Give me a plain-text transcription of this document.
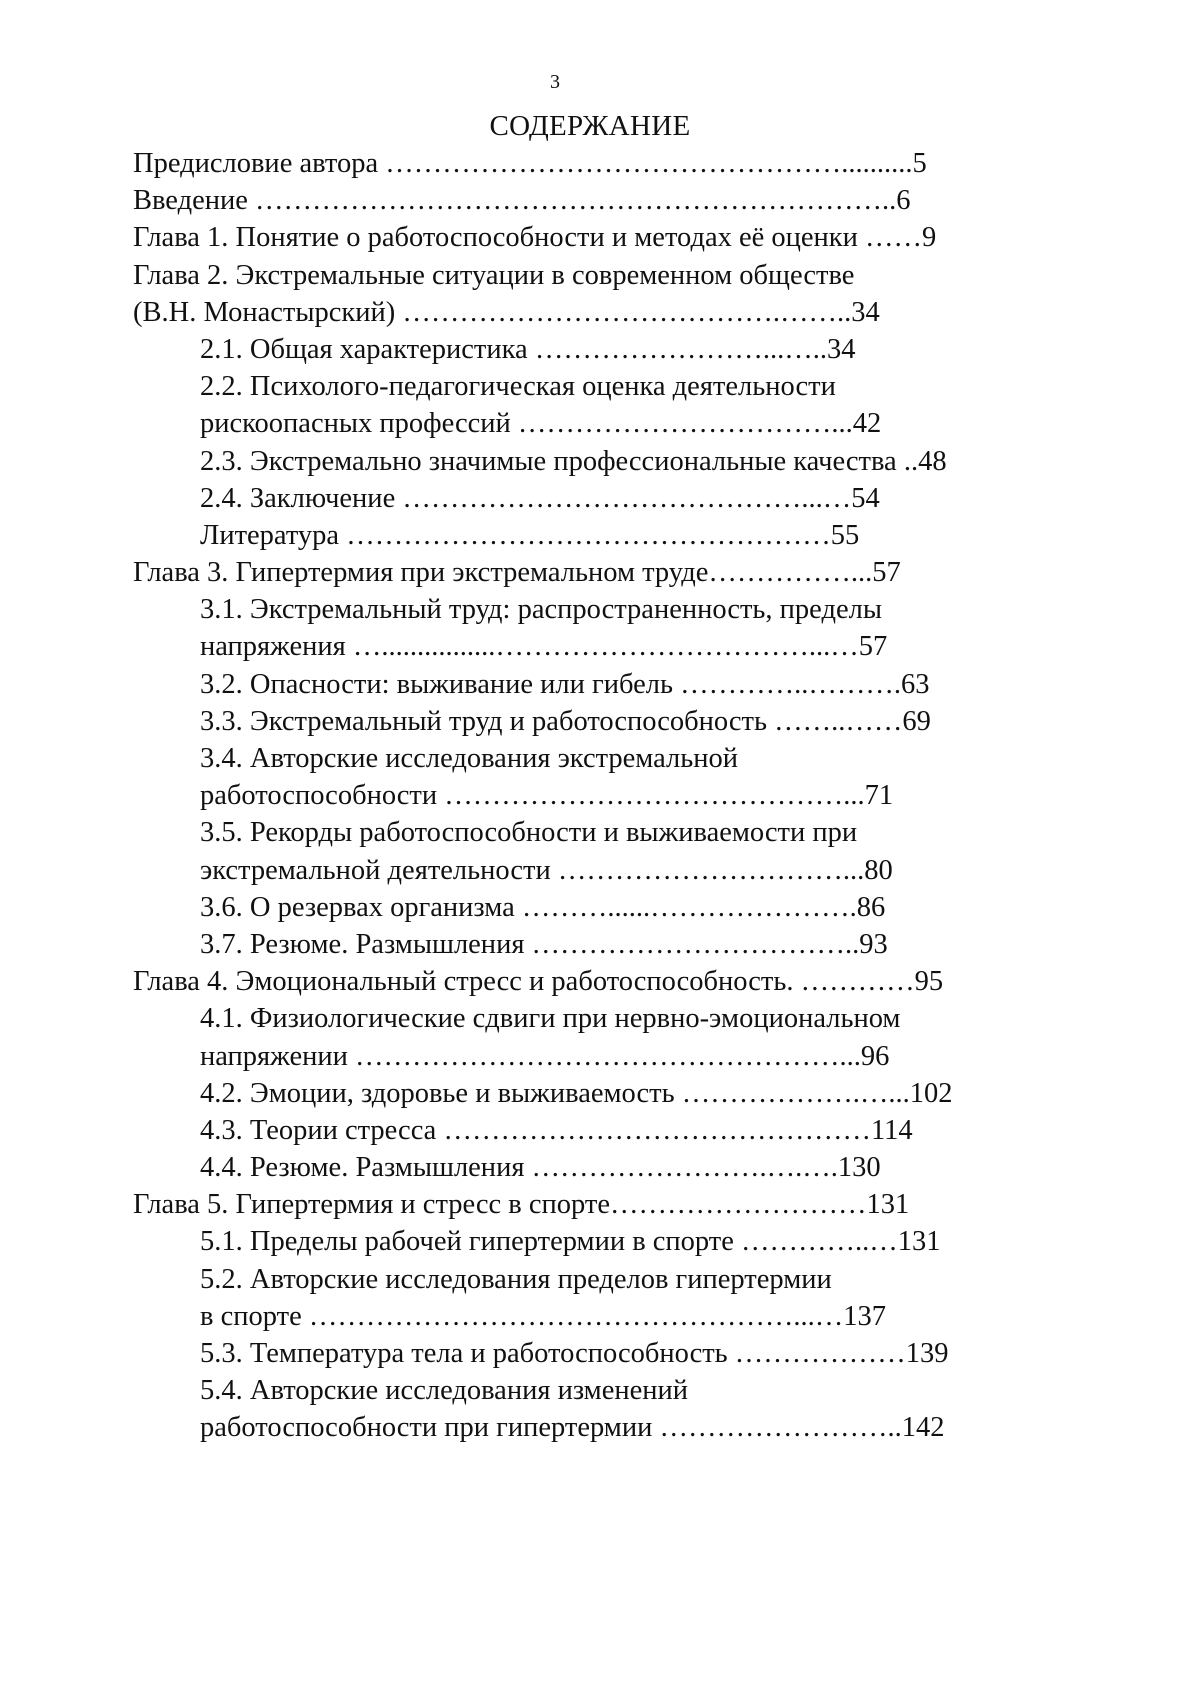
3
СОДЕРЖАНИЕ
Предисловие автора …………………………………………..........5
Введение …………………………………………………………..6
Глава 1. Понятие о работоспособности и методах её оценки ……9
Глава 2. Экстремальные ситуации в современном обществе
(В.Н. Монастырский) ………………………………….……..34
2.1. Общая характеристика ……………………...…..34
2.2. Психолого-педагогическая оценка деятельности
рискоопасных профессий ……………………………...42
2.3. Экстремально значимые профессиональные качества ..48
2.4. Заключение ……………………………………...…54
Литература ……………………………………………55
Глава 3. Гипертермия при экстремальном труде……………...57
3.1. Экстремальный труд: распространенность, пределы
напряжения …................……………………………...…57
3.2. Опасности: выживание или гибель …………..……….63
3.3. Экстремальный труд и работоспособность ……..……69
3.4. Авторские исследования экстремальной
работоспособности ……………………………………...71
3.5. Рекорды работоспособности и выживаемости при
экстремальной деятельности …………………………...80
3.6. О резервах организма ………......………………….86
3.7. Резюме. Размышления ……………………………..93
Глава 4. Эмоциональный стресс и работоспособность. …………95
4.1. Физиологические сдвиги при нервно-эмоциональном
напряжении ……………………………………………...96
4.2. Эмоции, здоровье и выживаемость ……………….…...102
4.3. Теории стресса ………………………………………114
4.4. Резюме. Размышления …………………….….….130
Глава 5. Гипертермия и стресс в спорте………………………131
5.1. Пределы рабочей гипертермии в спорте …………..…131
5.2. Авторские исследования пределов гипертермии
в спорте ……………………………………………...…137
5.3. Температура тела и работоспособность ………………139
5.4. Авторские исследования изменений
работоспособности при гипертермии ……………………..142
